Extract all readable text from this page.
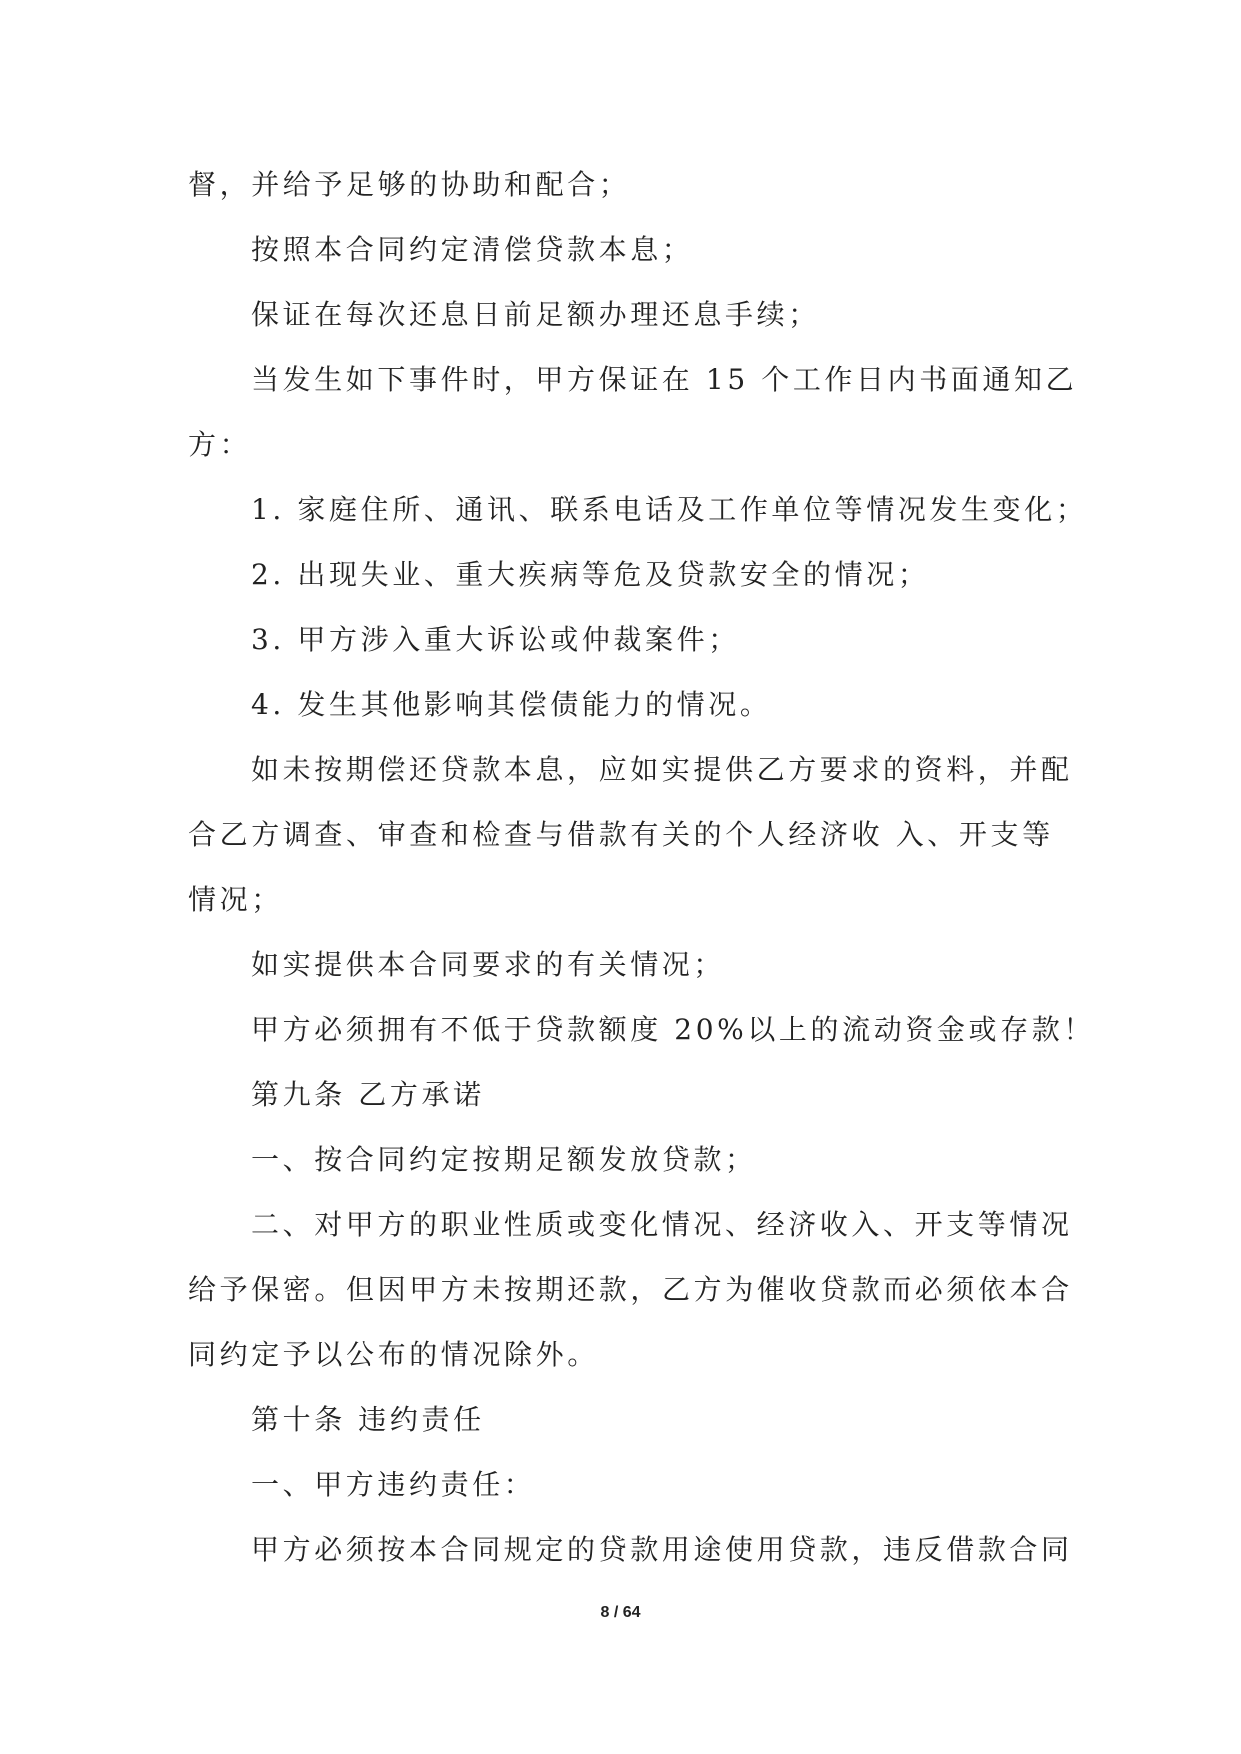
督，并给予足够的协助和配合；
按照本合同约定清偿贷款本息；
保证在每次还息日前足额办理还息手续；
当发生如下事件时，甲方保证在 15 个工作日内书面通知乙
方：
1. 家庭住所、通讯、联系电话及工作单位等情况发生变化；
2. 出现失业、重大疾病等危及贷款安全的情况；
3. 甲方涉入重大诉讼或仲裁案件；
4. 发生其他影响其偿债能力的情况。
如未按期偿还贷款本息，应如实提供乙方要求的资料，并配
合乙方调查、审查和检查与借款有关的个人经济收 入、开支等
情况；
如实提供本合同要求的有关情况；
甲方必须拥有不低于贷款额度 20%以上的流动资金或存款！
第九条 乙方承诺
一、按合同约定按期足额发放贷款；
二、对甲方的职业性质或变化情况、经济收入、开支等情况
给予保密。但因甲方未按期还款，乙方为催收贷款而必须依本合
同约定予以公布的情况除外。
第十条 违约责任
一、甲方违约责任：
甲方必须按本合同规定的贷款用途使用贷款，违反借款合同
8 / 64
